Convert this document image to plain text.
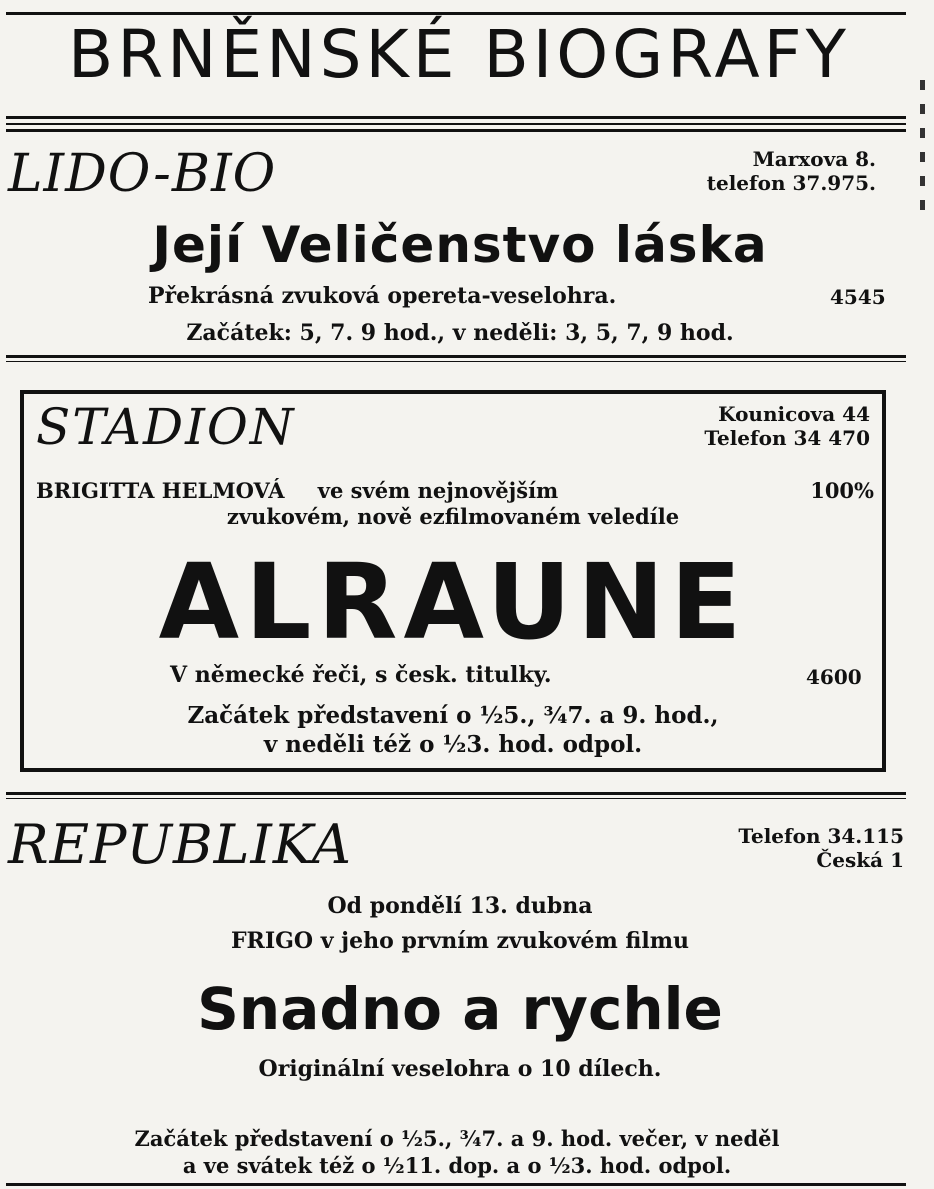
BRNĚNSKÉ BIOGRAFY
LIDO-BIO	Marxova 8.
telefon 37.975.
Její Veličenstvo láska
Překrásná zvuková opereta-veselohra.	4545
Začátek: 5, 7. 9 hod., v neděli: 3, 5, 7, 9 hod.
STADION	Kounicova 44
Telefon 34 470
BRIGITTA HELMOVÁ ve svém nejnovějším	100%
zvukovém, nově ezfilmovaném veledíle
ALRAUNE
V německé řeči, s česk. titulky.	4600
Začátek představení o ½5., ¾7. a 9. hod.,
v neděli též o ½3. hod. odpol.
REPUBLIKA	Telefon 34.115
Česká 1
Od pondělí 13. dubna
FRIGO v jeho prvním zvukovém filmu
Snadno a rychle
Originální veselohra o 10 dílech.
Začátek představení o ½5., ¾7. a 9. hod. večer, v neděl
a ve svátek též o ½11. dop. a o ½3. hod. odpol.
